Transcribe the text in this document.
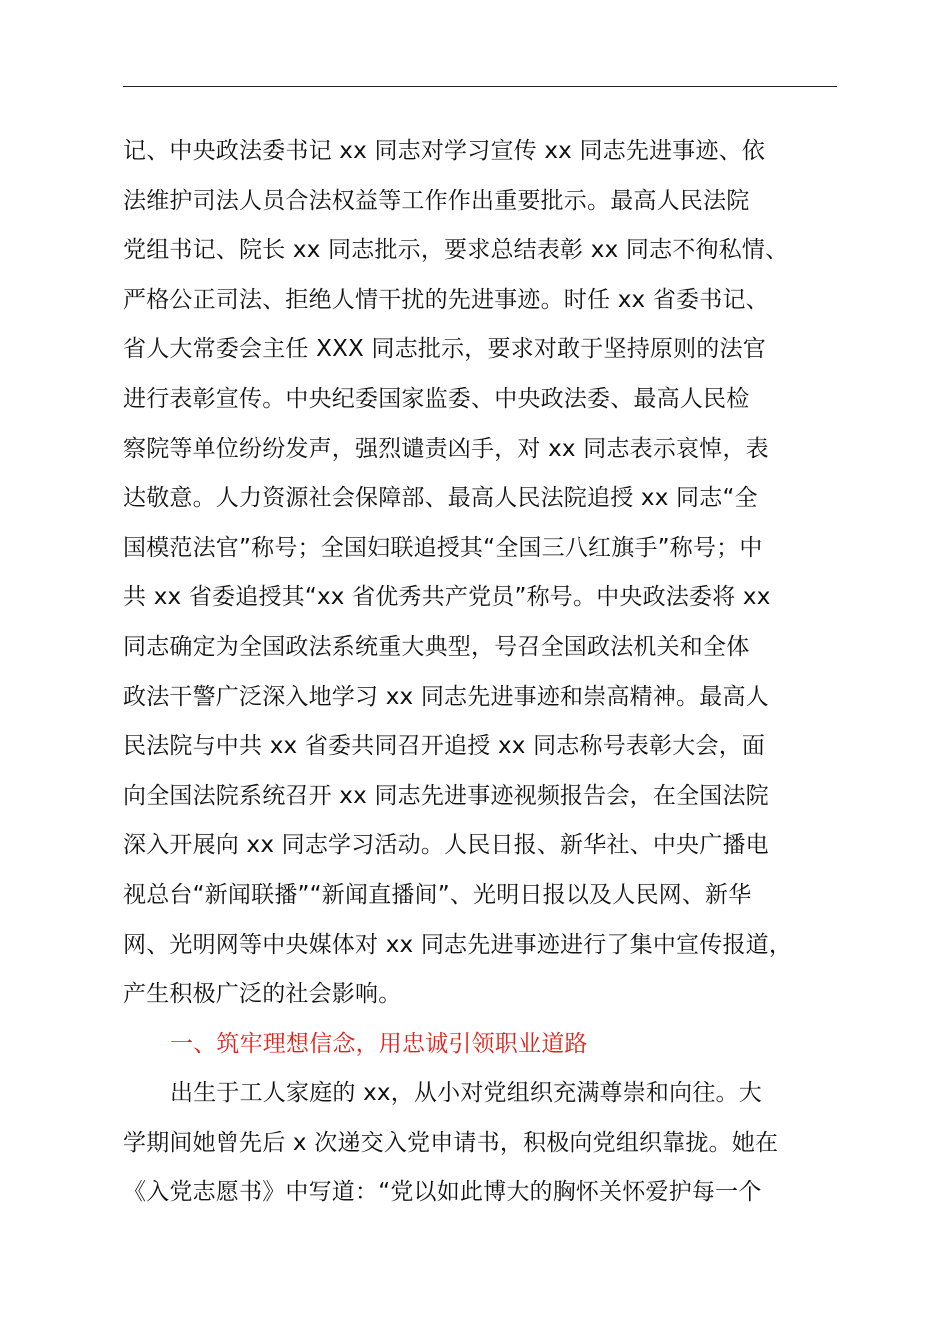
记、中央政法委书记 xx 同志对学习宣传 xx 同志先进事迹、依
法维护司法人员合法权益等工作作出重要批示。最高人民法院
党组书记、院长 xx 同志批示，要求总结表彰 xx 同志不徇私情、
严格公正司法、拒绝人情干扰的先进事迹。时任 xx 省委书记、
省人大常委会主任 XXX 同志批示，要求对敢于坚持原则的法官
进行表彰宣传。中央纪委国家监委、中央政法委、最高人民检
察院等单位纷纷发声，强烈谴责凶手，对 xx 同志表示哀悼，表
达敬意。人力资源社会保障部、最高人民法院追授 xx 同志“全
国模范法官”称号；全国妇联追授其“全国三八红旗手”称号；中
共 xx 省委追授其“xx 省优秀共产党员”称号。中央政法委将 xx
同志确定为全国政法系统重大典型，号召全国政法机关和全体
政法干警广泛深入地学习 xx 同志先进事迹和崇高精神。最高人
民法院与中共 xx 省委共同召开追授 xx 同志称号表彰大会，面
向全国法院系统召开 xx 同志先进事迹视频报告会，在全国法院
深入开展向 xx 同志学习活动。人民日报、新华社、中央广播电
视总台“新闻联播”“新闻直播间”、光明日报以及人民网、新华
网、光明网等中央媒体对 xx 同志先进事迹进行了集中宣传报道，
产生积极广泛的社会影响。
一、筑牢理想信念，用忠诚引领职业道路
出生于工人家庭的 xx，从小对党组织充满尊崇和向往。大
学期间她曾先后 x 次递交入党申请书，积极向党组织靠拢。她在
《入党志愿书》中写道：“党以如此博大的胸怀关怀爱护每一个
